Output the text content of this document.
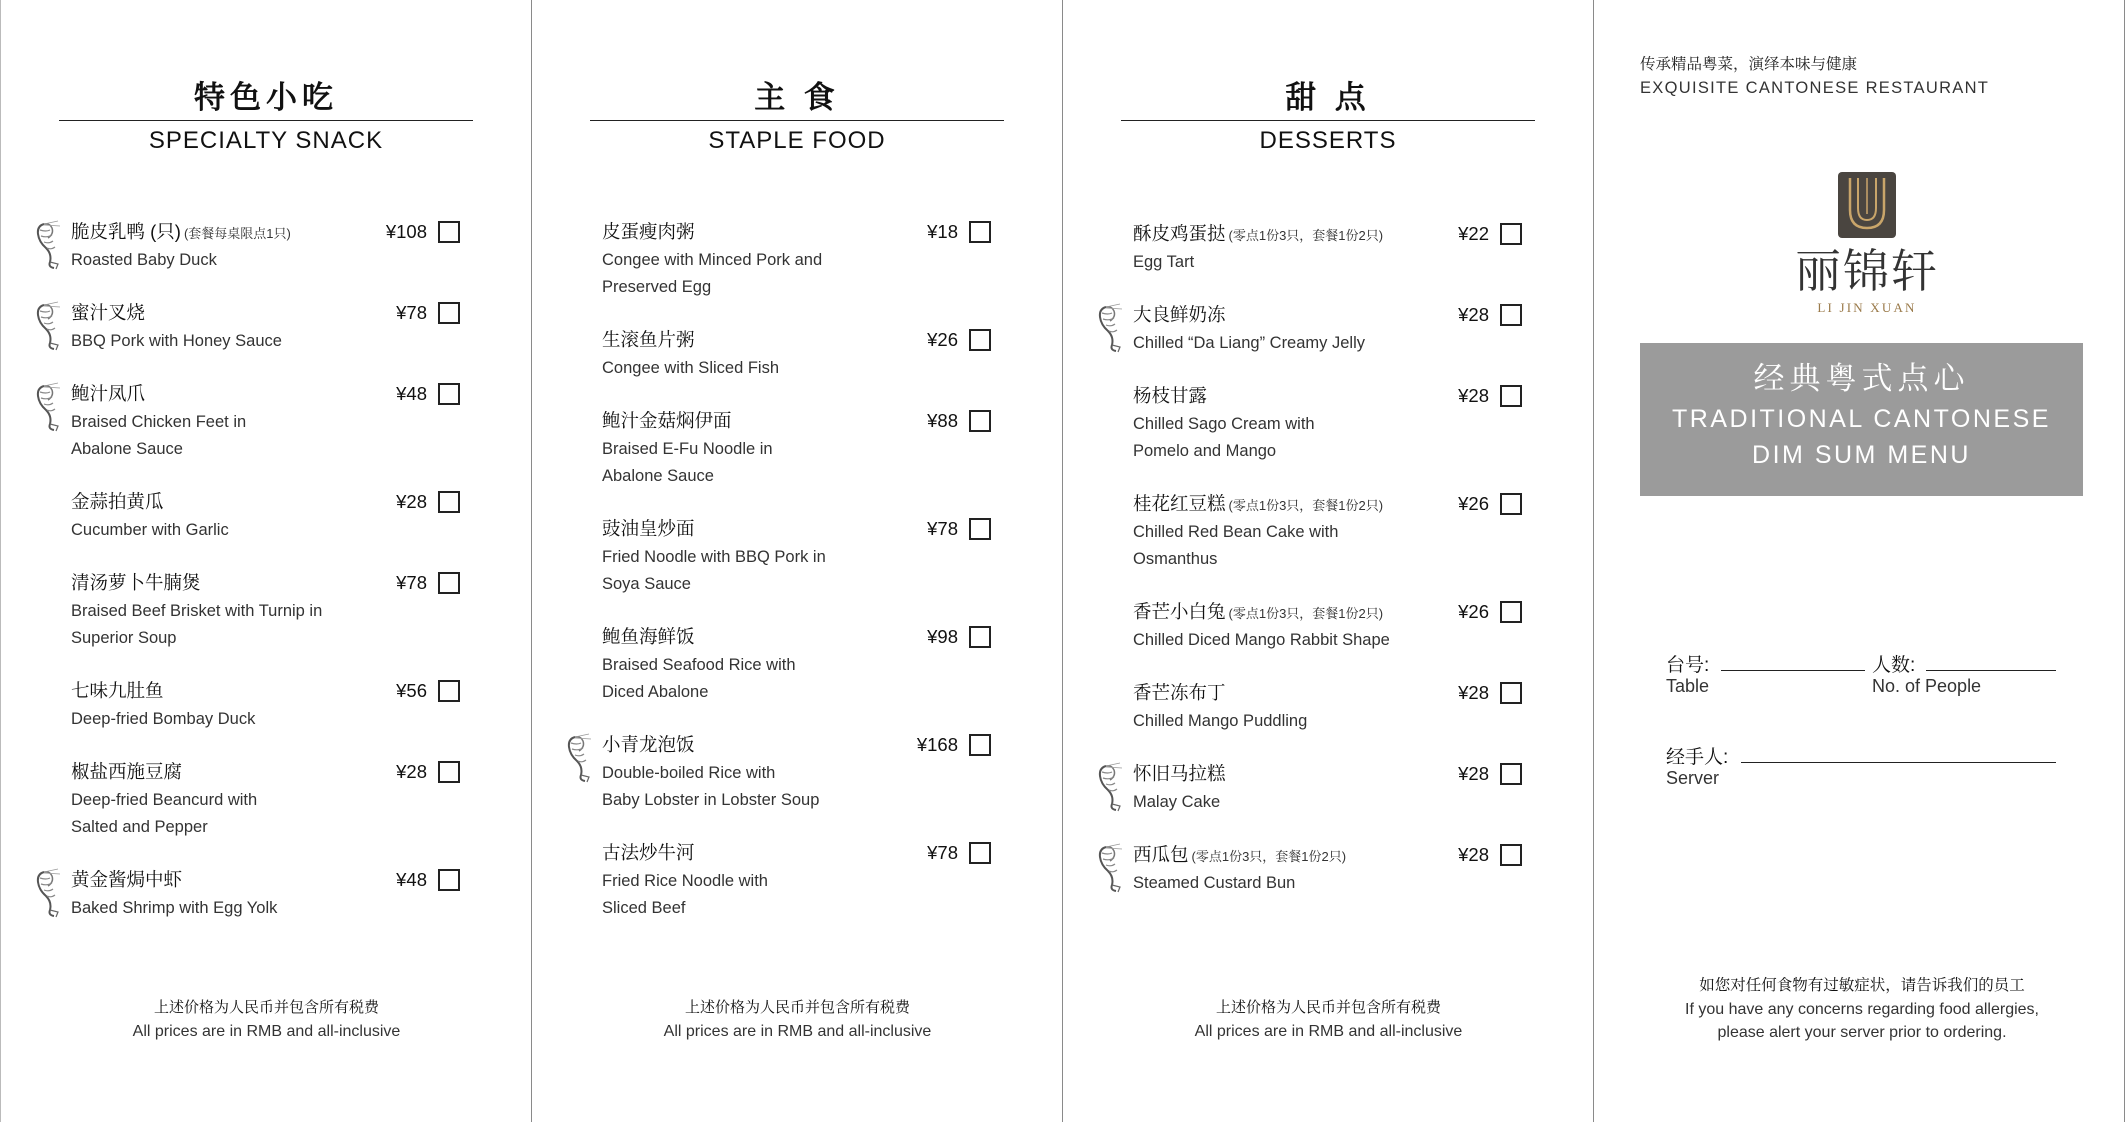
特色小吃
SPECIALTY SNACK
脆皮乳鸭 (只) (套餐每桌限点1只)
Roasted Baby Duck
¥108
蜜汁叉烧
BBQ Pork with Honey Sauce
¥78
鲍汁凤爪
Braised Chicken Feet in
Abalone Sauce
¥48
金蒜拍黄瓜
Cucumber with Garlic
¥28
清汤萝卜牛腩煲
Braised Beef Brisket with Turnip in
Superior Soup
¥78
七味九肚鱼
Deep-fried Bombay Duck
¥56
椒盐西施豆腐
Deep-fried Beancurd with
Salted and Pepper
¥28
黄金酱焗中虾
Baked Shrimp with Egg Yolk
¥48
上述价格为人民币并包含所有税费
All prices are in RMB and all-inclusive
主 食
STAPLE FOOD
皮蛋瘦肉粥
Congee with Minced Pork and
Preserved Egg
¥18
生滚鱼片粥
Congee with Sliced Fish
¥26
鲍汁金菇焖伊面
Braised E-Fu Noodle in
Abalone Sauce
¥88
豉油皇炒面
Fried Noodle with BBQ Pork in
Soya Sauce
¥78
鲍鱼海鲜饭
Braised Seafood Rice with
Diced Abalone
¥98
小青龙泡饭
Double-boiled Rice with
Baby Lobster in Lobster Soup
¥168
古法炒牛河
Fried Rice Noodle with
Sliced Beef
¥78
上述价格为人民币并包含所有税费
All prices are in RMB and all-inclusive
甜 点
DESSERTS
酥皮鸡蛋挞 (零点1份3只，套餐1份2只)
Egg Tart
¥22
大良鲜奶冻
Chilled “Da Liang” Creamy Jelly
¥28
杨枝甘露
Chilled Sago Cream with
Pomelo and Mango
¥28
桂花红豆糕 (零点1份3只，套餐1份2只)
Chilled Red Bean Cake with
Osmanthus
¥26
香芒小白兔 (零点1份3只，套餐1份2只)
Chilled Diced Mango Rabbit Shape
¥26
香芒冻布丁
Chilled Mango Puddling
¥28
怀旧马拉糕
Malay Cake
¥28
西瓜包 (零点1份3只，套餐1份2只)
Steamed Custard Bun
¥28
上述价格为人民币并包含所有税费
All prices are in RMB and all-inclusive
传承精品粤菜，演绎本味与健康
EXQUISITE CANTONESE RESTAURANT
丽锦轩
LI JIN XUAN
经典粤式点心
TRADITIONAL CANTONESE
DIM SUM MENU
台号:
Table
人数:
No. of People
经手人:
Server
如您对任何食物有过敏症状，请告诉我们的员工
If you have any concerns regarding food allergies,
please alert your server prior to ordering.
